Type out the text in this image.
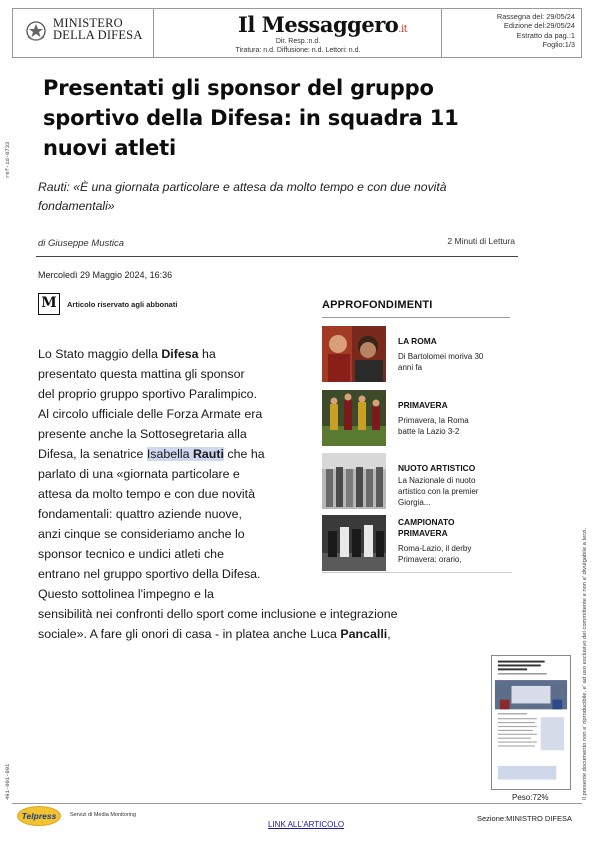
MINISTERO
DELLA DIFESA	Il Messaggero.it
Dir. Resp.:n.d.
Tiratura: n.d. Diffusione: n.d. Lettori: n.d.
Rassegna del: 29/05/24
Edizione del:29/05/24
Estratto da pag.:1
Foglio:1/3
ref-id-0733
491-001-001	Il presente documento non e' riproducibile, e' ad uso esclusivo del committente e non e' divulgabile a terzi.
Presentati gli sponsor del gruppo
sportivo della Difesa: in squadra 11
nuovi atleti
Rauti: «È una giornata particolare e attesa da molto tempo e con due novità
fondamentali»
di Giuseppe Mustica	2 Minuti di Lettura
Mercoledì 29 Maggio 2024, 16:36
M	Articolo riservato agli abbonati
Lo Stato maggio della Difesa ha
presentato questa mattina gli sponsor
del proprio gruppo sportivo Paralimpico.
Al circolo ufficiale delle Forza Armate era
presente anche la Sottosegretaria alla
Difesa, la senatrice Isabella Rauti che ha
parlato di una «giornata particolare e
attesa da molto tempo e con due novità
fondamentali: quattro aziende nuove,
anzi cinque se consideriamo anche lo
sponsor tecnico e undici atleti che
entrano nel gruppo sportivo della Difesa.
Questo sottolinea l'impegno e la
sensibilità nei confronti dello sport come inclusione e integrazione
sociale». A fare gli onori di casa - in platea anche Luca Pancalli,
APPROFONDIMENTI
LA ROMA
Di Bartolomei moriva 30
anni fa
PRIMAVERA
Primavera, la Roma
batte la Lazio 3-2
NUOTO ARTISTICO
La Nazionale di nuoto
artistico con la premier
Giorgia...
CAMPIONATO
PRIMAVERA
Roma-Lazio, il derby
Primavera: orario,
Peso:72%
Telpress	Servizi di Media Monitoring
LINK ALL'ARTICOLO
Sezione:MINISTRO DIFESA
